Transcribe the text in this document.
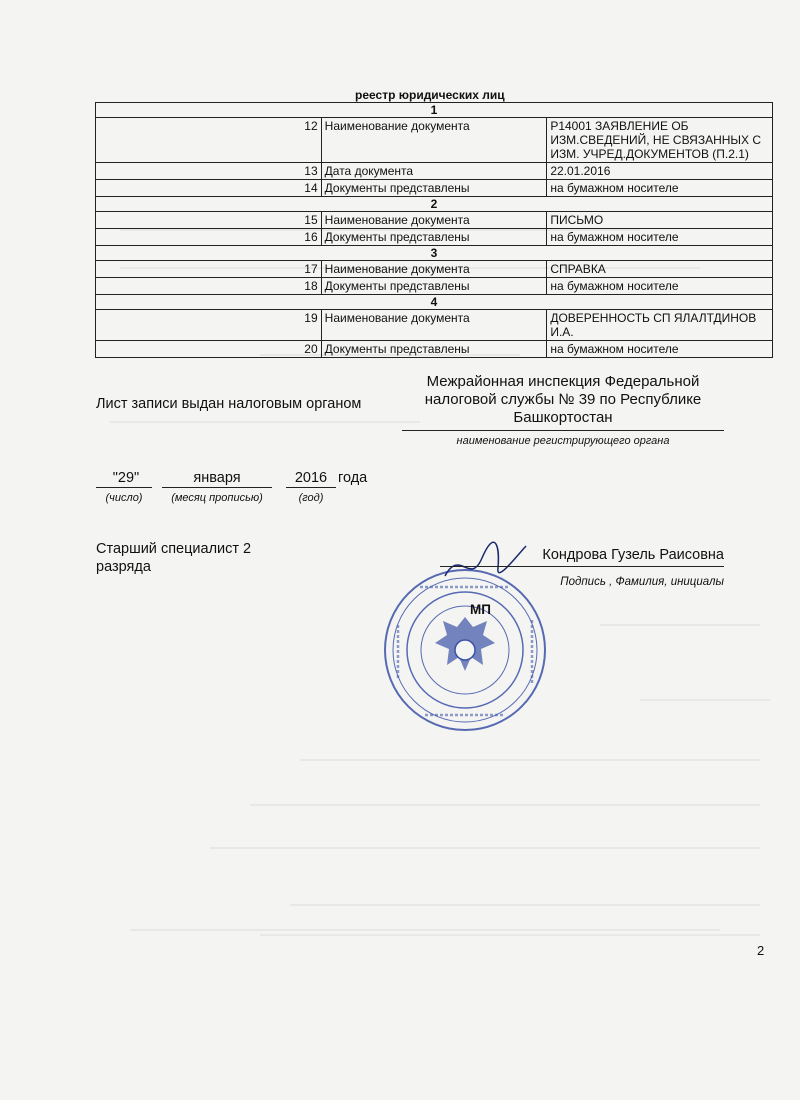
реестр юридических лиц
1		
12	Наименование документа	Р14001 ЗАЯВЛЕНИЕ ОБ ИЗМ.СВЕДЕНИЙ, НЕ СВЯЗАННЫХ С ИЗМ. УЧРЕД.ДОКУМЕНТОВ (П.2.1)
13	Дата документа	22.01.2016
14	Документы представлены	на бумажном носителе
2		
15	Наименование документа	ПИСЬМО
16	Документы представлены	на бумажном носителе
3		
17	Наименование документа	СПРАВКА
18	Документы представлены	на бумажном носителе
4		
19	Наименование документа	ДОВЕРЕННОСТЬ СП ЯЛАЛТДИНОВ И.А.
20	Документы представлены	на бумажном носителе
Лист записи выдан налоговым органом
Межрайонная инспекция Федеральной налоговой службы № 39 по Республике Башкортостан
наименование регистрирующего органа
"29"
(число)
января
(месяц прописью)
2016 года
(год)
Старший специалист 2 разряда
Кондрова Гузель Раисовна
Подпись , Фамилия, инициалы
МП
2
